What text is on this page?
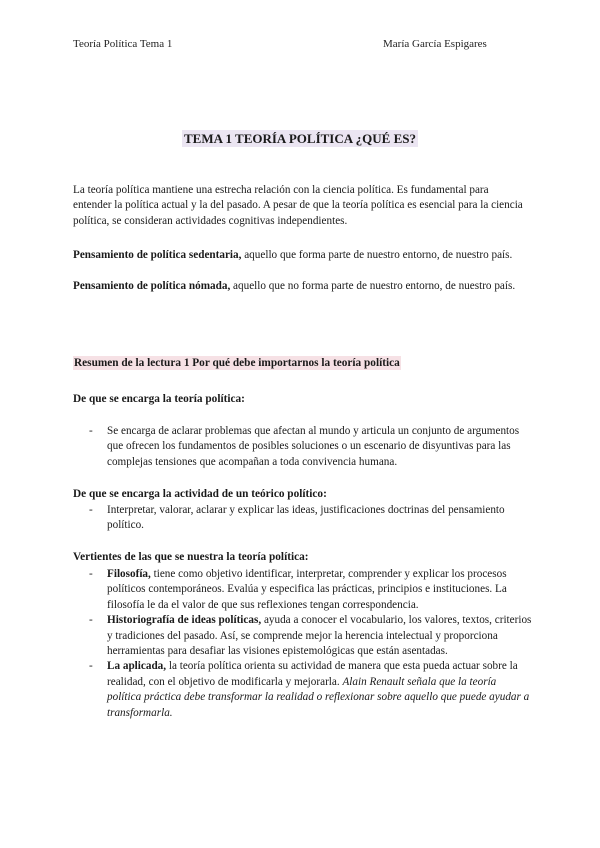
Teoría Política Tema 1	María García Espigares
TEMA 1 TEORÍA POLÍTICA ¿QUÉ ES?
La teoría política mantiene una estrecha relación con la ciencia política. Es fundamental para entender la política actual y la del pasado. A pesar de que la teoría política es esencial para la ciencia política, se consideran actividades cognitivas independientes.
Pensamiento de política sedentaria, aquello que forma parte de nuestro entorno, de nuestro país.
Pensamiento de política nómada, aquello que no forma parte de nuestro entorno, de nuestro país.
Resumen de la lectura 1 Por qué debe importarnos la teoría política
De que se encarga la teoría política:
- Se encarga de aclarar problemas que afectan al mundo y articula un conjunto de argumentos que ofrecen los fundamentos de posibles soluciones o un escenario de disyuntivas para las complejas tensiones que acompañan a toda convivencia humana.
De que se encarga la actividad de un teórico político:
- Interpretar, valorar, aclarar y explicar las ideas, justificaciones doctrinas del pensamiento político.
Vertientes de las que se nuestra la teoría política:
- Filosofía, tiene como objetivo identificar, interpretar, comprender y explicar los procesos políticos contemporáneos. Evalúa y especifica las prácticas, principios e instituciones. La filosofía le da el valor de que sus reflexiones tengan correspondencia.
- Historiografía de ideas políticas, ayuda a conocer el vocabulario, los valores, textos, criterios y tradiciones del pasado. Así, se comprende mejor la herencia intelectual y proporciona herramientas para desafiar las visiones epistemológicas que están asentadas.
- La aplicada, la teoría política orienta su actividad de manera que esta pueda actuar sobre la realidad, con el objetivo de modificarla y mejorarla. Alain Renault señala que la teoría política práctica debe transformar la realidad o reflexionar sobre aquello que puede ayudar a transformarla.
